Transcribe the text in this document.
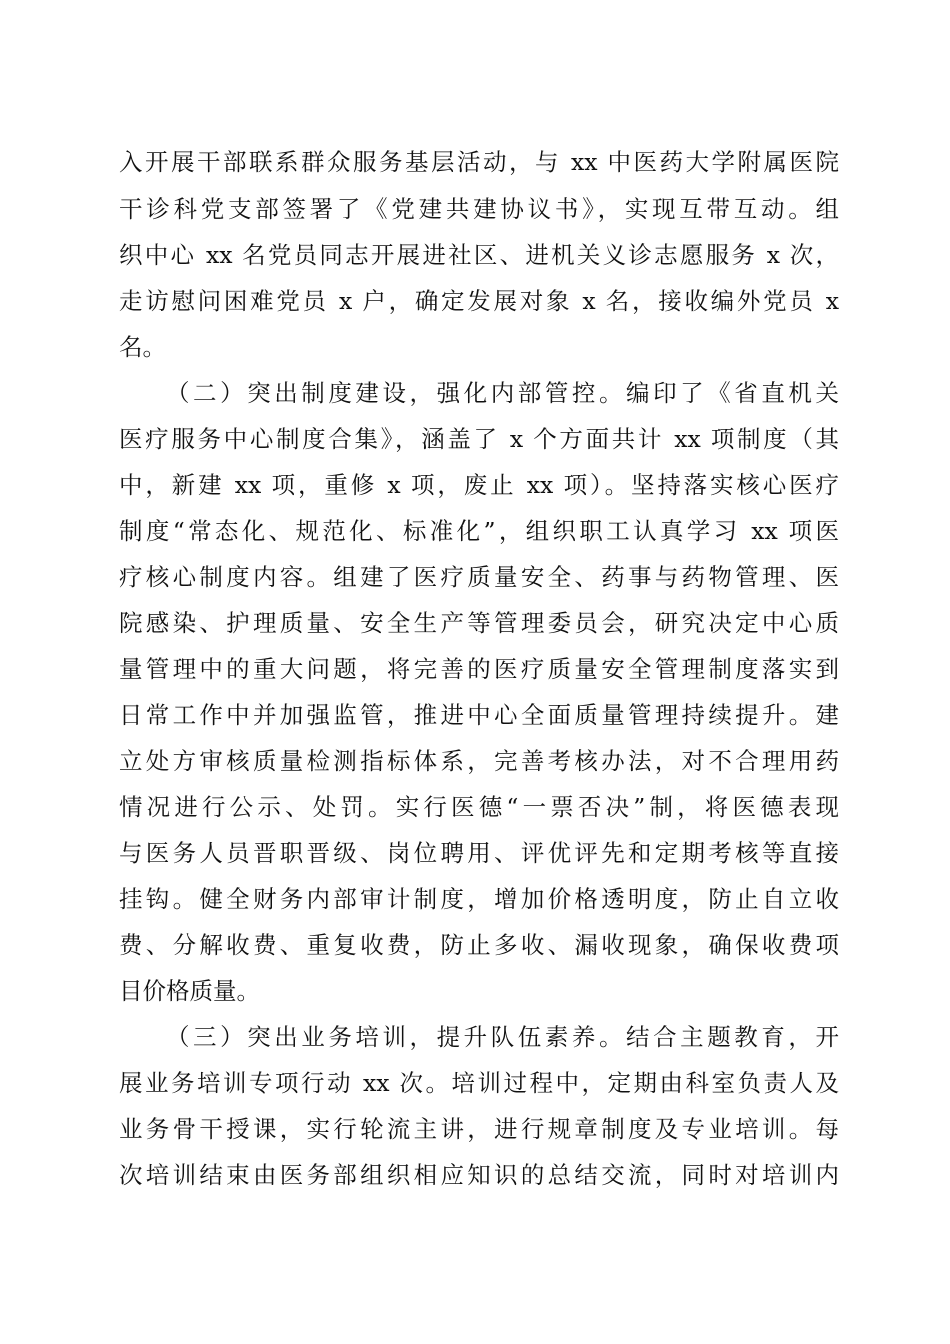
入开展干部联系群众服务基层活动，与 xx 中医药大学附属医院
干诊科党支部签署了《党建共建协议书》，实现互带互动。组
织中心 xx 名党员同志开展进社区、进机关义诊志愿服务 x 次，
走访慰问困难党员 x 户，确定发展对象 x 名，接收编外党员 x
名。
（二）突出制度建设，强化内部管控。编印了《省直机关
医疗服务中心制度合集》，涵盖了 x 个方面共计 xx 项制度（其
中，新建 xx 项，重修 x 项，废止 xx 项）。坚持落实核心医疗
制度“常态化、规范化、标准化”，组织职工认真学习 xx 项医
疗核心制度内容。组建了医疗质量安全、药事与药物管理、医
院感染、护理质量、安全生产等管理委员会，研究决定中心质
量管理中的重大问题，将完善的医疗质量安全管理制度落实到
日常工作中并加强监管，推进中心全面质量管理持续提升。建
立处方审核质量检测指标体系，完善考核办法，对不合理用药
情况进行公示、处罚。实行医德“一票否决”制，将医德表现
与医务人员晋职晋级、岗位聘用、评优评先和定期考核等直接
挂钩。健全财务内部审计制度，增加价格透明度，防止自立收
费、分解收费、重复收费，防止多收、漏收现象，确保收费项
目价格质量。
（三）突出业务培训，提升队伍素养。结合主题教育，开
展业务培训专项行动 xx 次。培训过程中，定期由科室负责人及
业务骨干授课，实行轮流主讲，进行规章制度及专业培训。每
次培训结束由医务部组织相应知识的总结交流，同时对培训内
